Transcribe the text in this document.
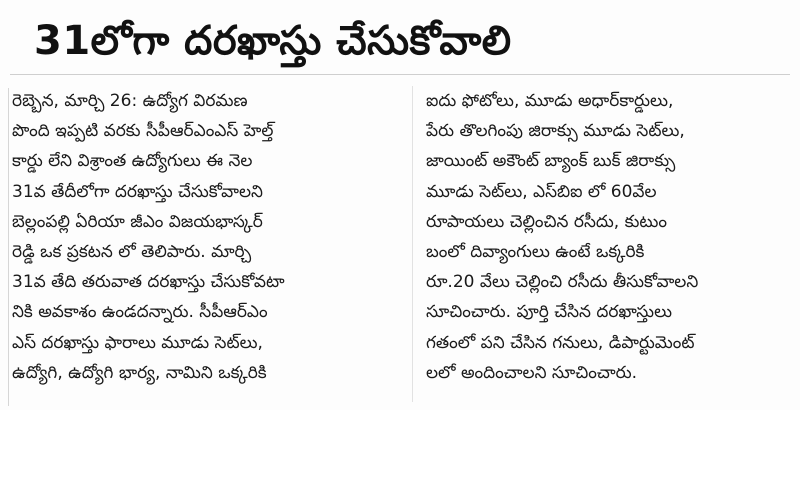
31లోగా దరఖాస్తు చేసుకోవాలి
రెబ్బెన, మార్చి 26: ఉద్యోగ విరమణ
పొంది ఇప్పటి వరకు సీపీఆర్ఎంఎస్ హెల్త్
కార్డు లేని విశ్రాంత ఉద్యోగులు ఈ నెల
31వ తేదీలోగా దరఖాస్తు చేసుకోవాలని
బెల్లంపల్లి ఏరియా జీఎం విజయభాస్కర్
రెడ్డి ఒక ప్రకటన లో తెలిపారు. మార్చి
31వ తేది తరువాత దరఖాస్తు చేసుకోవటా
నికి అవకాశం ఉండదన్నారు. సీపీఆర్ఎం
ఎస్ దరఖాస్తు ఫారాలు మూడు సెట్‌లు,
ఉద్యోగి, ఉద్యోగి భార్య, నామిని ఒక్కరికి
ఐదు ఫోటోలు, మూడు అధార్‌కార్డులు,
పేరు తొలగింపు జిరాక్సు మూడు సెట్‌లు,
జాయింట్ అకౌంట్ బ్యాంక్ బుక్ జిరాక్సు
మూడు సెట్‌లు, ఎస్‌బిఐ లో 60వేల
రూపాయలు చెల్లించిన రసీదు, కుటుం
బంలో దివ్యాంగులు ఉంటే ఒక్కరికి
రూ.20 వేలు చెల్లించి రసీదు తీసుకోవాలని
సూచించారు. పూర్తి చేసిన దరఖాస్తులు
గతంలో పని చేసిన గనులు, డిపార్టుమెంట్
లలో అందించాలని సూచించారు.
